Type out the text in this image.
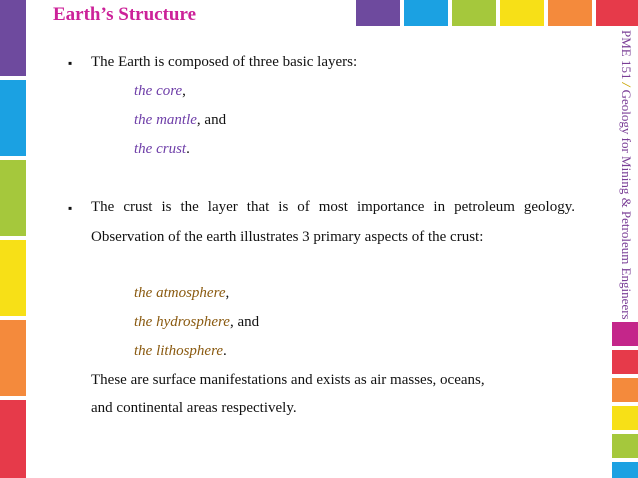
PME 151 / Geology for Mining & Petroleum Engineers
Earth’s Structure
▪ The Earth is composed of three basic layers:
the core,
the mantle, and
the crust.
▪ The crust is the layer that is of most importance in petroleum geology. Observation of the earth illustrates 3 primary aspects of the crust:
the atmosphere,
the hydrosphere, and
the lithosphere.
These are surface manifestations and exists as air masses, oceans,
and continental areas respectively.
